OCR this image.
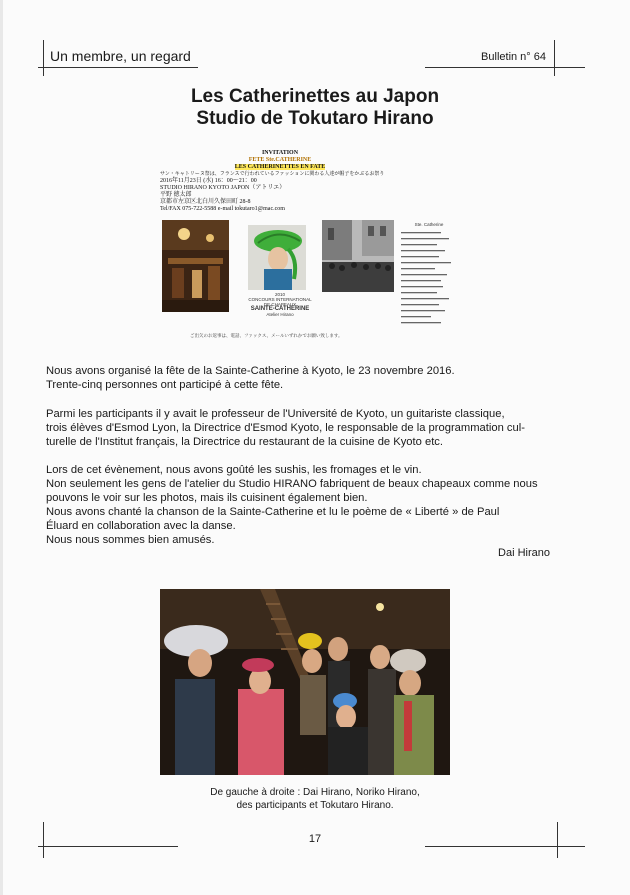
Un membre, un regard	Bulletin n° 64
Les Catherinettes au Japon
Studio de Tokutaro Hirano
INVITATION
FETE Ste.CATHERINE
LES CATHERINETTES EN FATE
サン・キャトリーヌ祭は、フランスで行われているファッションに関わる人達が帽子をかぶるお祭り
2016年11月23日 (水) 16：00～21：00
STUDIO HIRANO KYOTO JAPON（アトリエ）
平野 徳太郎
京都市左京区北白川久保田町 28-8
Tel/FAX 075-722-5588 e-mail tokutaro1@mac.com
2010
CONCOURS INTERNATIONAL DE CHAPEAUX
SAINTE-CATHERINE
Atelier Hirano
Ste. Catherine
ご出欠のお返事は、電話、ファックス、メールいずれかでお願い致します。

Nous avons organisé la fête de la Sainte-Catherine à Kyoto, le 23 novembre 2016.

Trente-cinq personnes ont participé à cette fête.

Parmi les participants il y avait le professeur de l'Université de Kyoto, un guitariste classique,

trois élèves d'Esmod Lyon, la Directrice d'Esmod Kyoto, le responsable de la programmation cul-

turelle de l'Institut français, la Directrice du restaurant de la cuisine de Kyoto etc.

Lors de cet évènement, nous avons goûté les sushis, les fromages et le vin.

Non seulement les gens de l'atelier du Studio HIRANO fabriquent de beaux chapeaux comme nous

pouvons le voir sur les photos, mais ils cuisinent également bien.

Nous avons chanté la chanson de la Sainte-Catherine et lu le poème de « Liberté » de Paul

Éluard en collaboration avec la danse.

Nous nous sommes bien amusés.

Dai Hirano
De gauche à droite : Dai Hirano, Noriko Hirano,
des participants et Tokutaro Hirano.
17
